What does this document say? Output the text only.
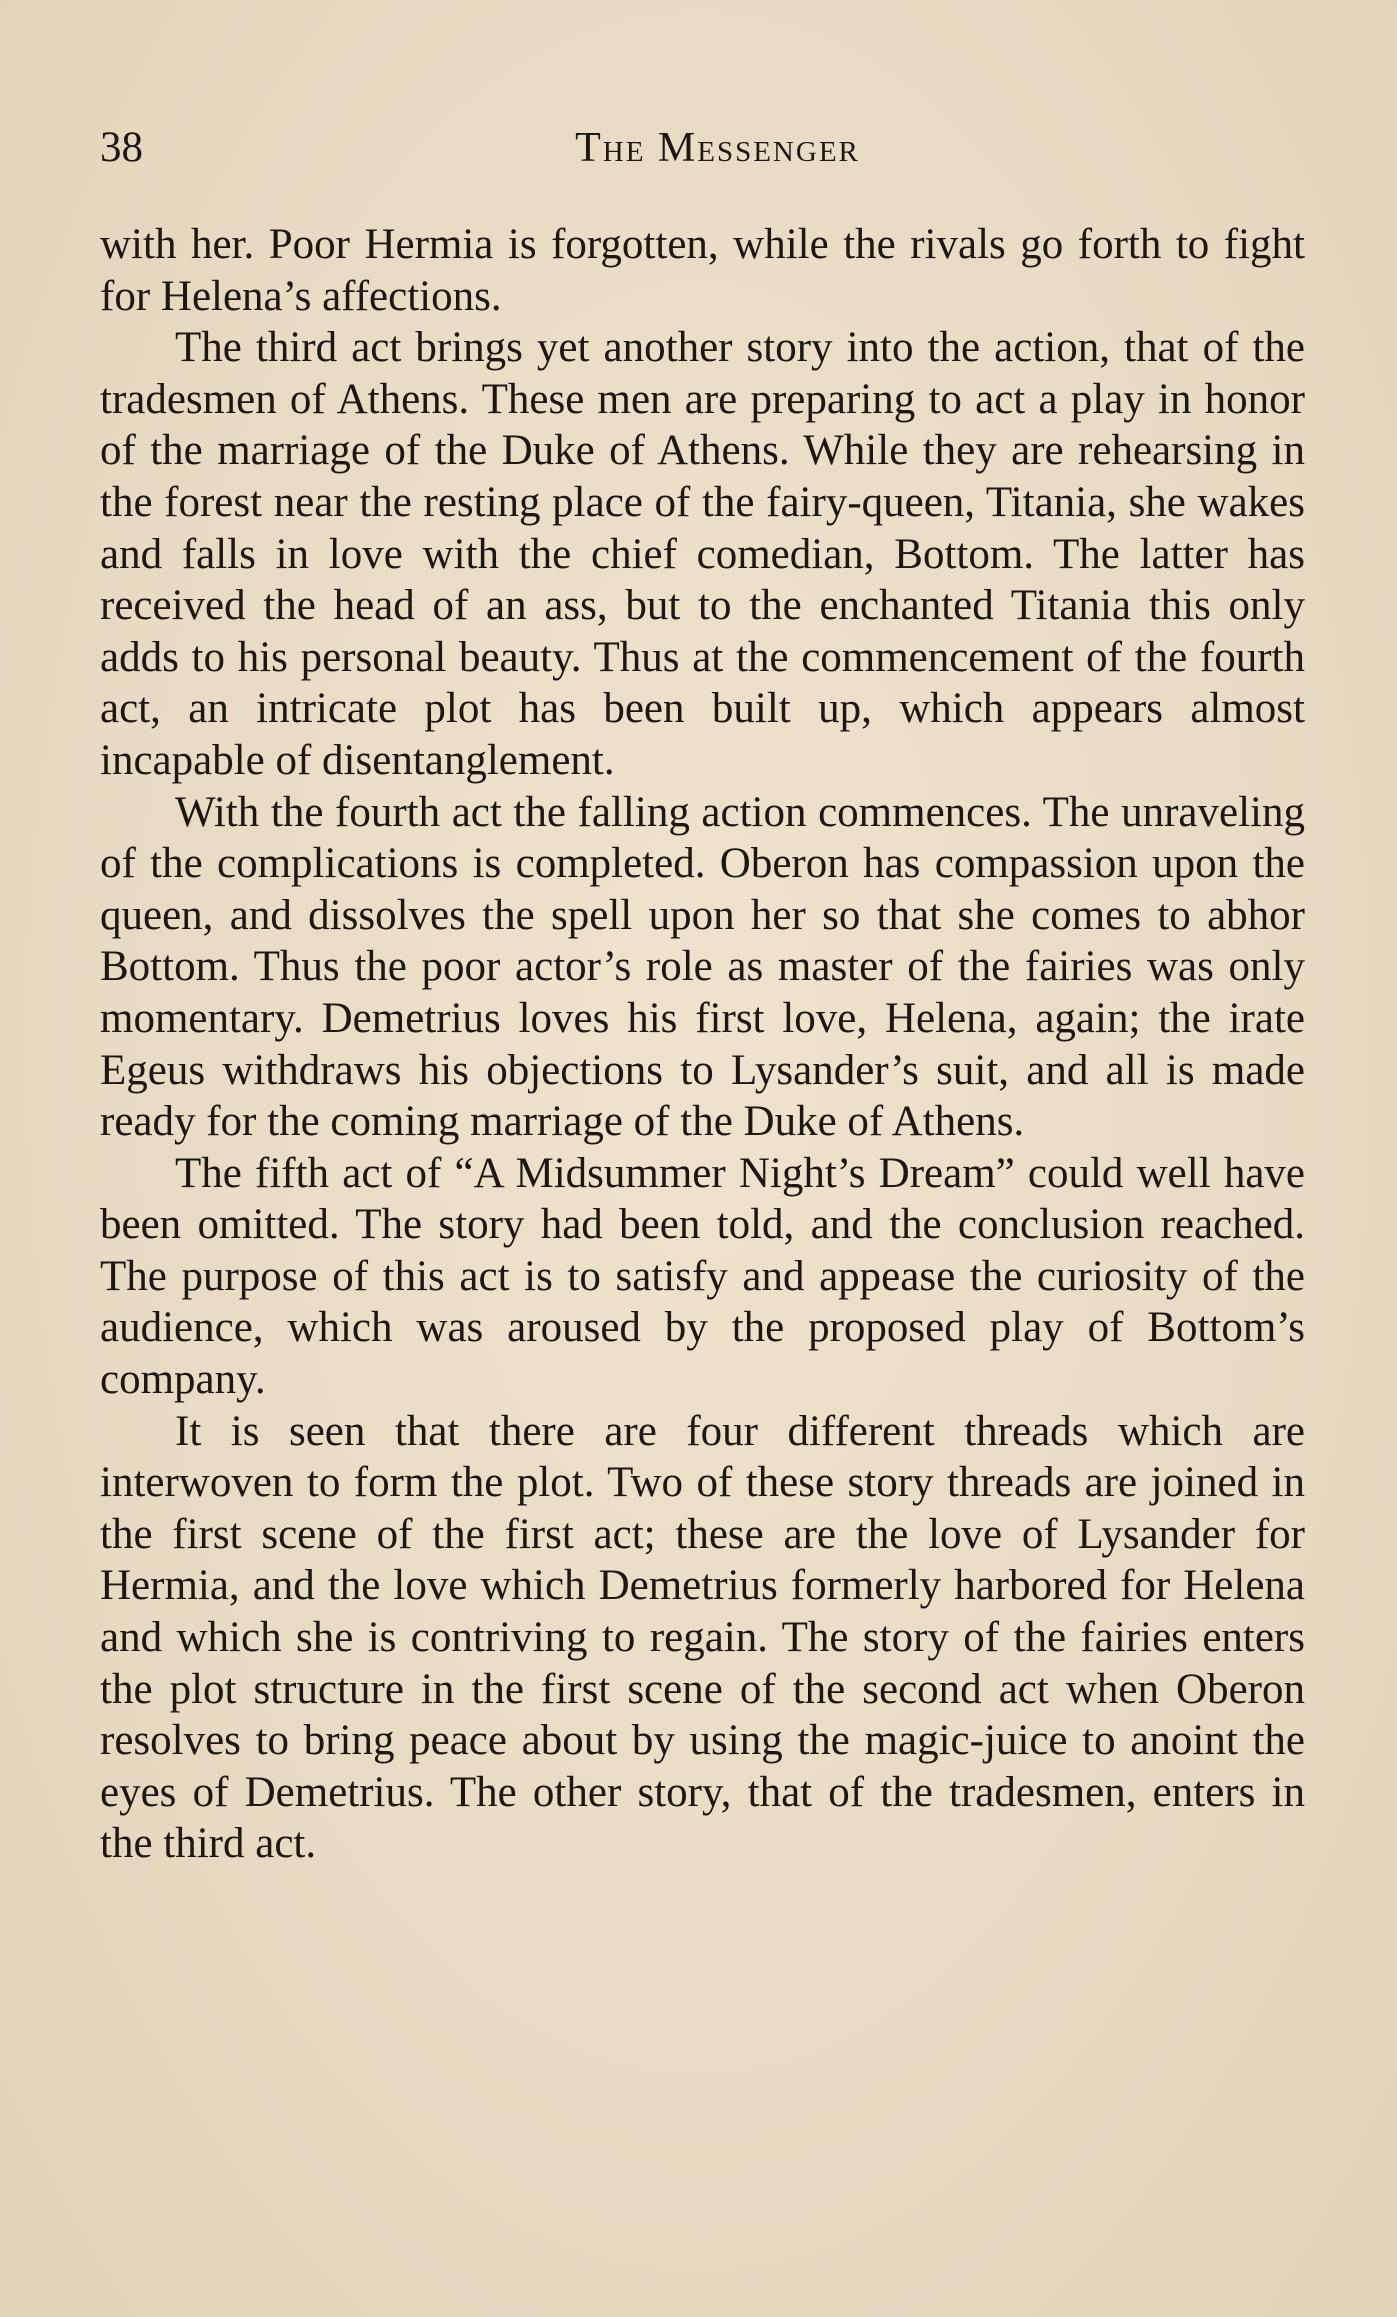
38	The Messenger

with her. Poor Hermia is forgotten, while the rivals go forth to fight for Helena’s affections.

The third act brings yet another story into the action, that of the tradesmen of Athens. These men are preparing to act a play in honor of the marriage of the Duke of Athens. While they are rehearsing in the forest near the resting place of the fairy-queen, Titania, she wakes and falls in love with the chief comedian, Bottom. The latter has received the head of an ass, but to the enchanted Titania this only adds to his personal beauty. Thus at the commencement of the fourth act, an intricate plot has been built up, which appears almost incapable of disentanglement.

With the fourth act the falling action commences. The unraveling of the complications is completed. Oberon has compassion upon the queen, and dissolves the spell upon her so that she comes to abhor Bottom. Thus the poor actor’s role as master of the fairies was only momentary. Demetrius loves his first love, Helena, again; the irate Egeus withdraws his objections to Lysander’s suit, and all is made ready for the coming marriage of the Duke of Athens.

The fifth act of “A Midsummer Night’s Dream” could well have been omitted. The story had been told, and the conclusion reached. The purpose of this act is to satisfy and appease the curiosity of the audience, which was aroused by the proposed play of Bottom’s company.

It is seen that there are four different threads which are interwoven to form the plot. Two of these story threads are joined in the first scene of the first act; these are the love of Lysander for Hermia, and the love which Demetrius formerly harbored for Helena and which she is contriving to regain. The story of the fairies enters the plot structure in the first scene of the second act when Oberon resolves to bring peace about by using the magic-juice to anoint the eyes of Demetrius. The other story, that of the tradesmen, enters in the third act.
